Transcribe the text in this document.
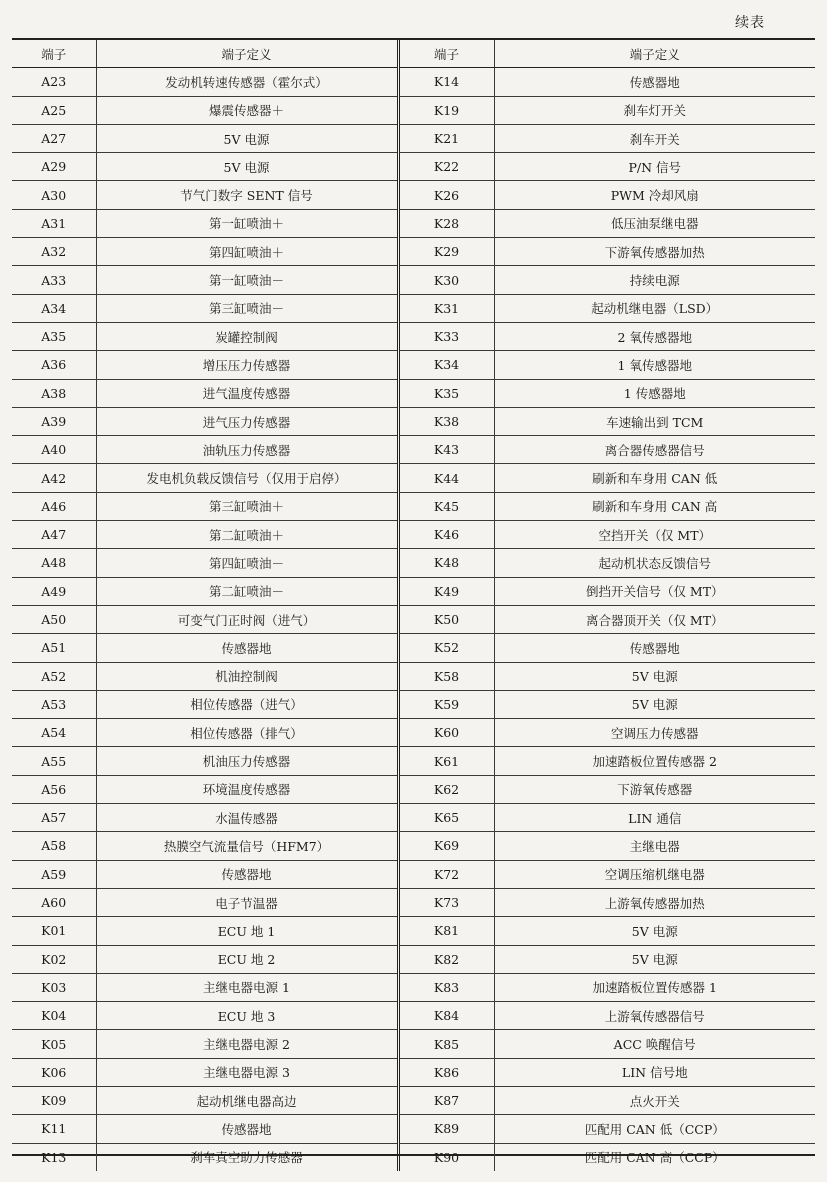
续表
端子	端子定义	端子	端子定义
A23	发动机转速传感器（霍尔式）	K14	传感器地
A25	爆震传感器＋	K19	刹车灯开关
A27	5V 电源	K21	刹车开关
A29	5V 电源	K22	P/N 信号
A30	节气门数字 SENT 信号	K26	PWM 冷却风扇
A31	第一缸喷油＋	K28	低压油泵继电器
A32	第四缸喷油＋	K29	下游氧传感器加热
A33	第一缸喷油－	K30	持续电源
A34	第三缸喷油－	K31	起动机继电器（LSD）
A35	炭罐控制阀	K33	2 氧传感器地
A36	增压压力传感器	K34	1 氧传感器地
A38	进气温度传感器	K35	1 传感器地
A39	进气压力传感器	K38	车速输出到 TCM
A40	油轨压力传感器	K43	离合器传感器信号
A42	发电机负载反馈信号（仅用于启停）	K44	刷新和车身用 CAN 低
A46	第三缸喷油＋	K45	刷新和车身用 CAN 高
A47	第二缸喷油＋	K46	空挡开关（仅 MT）
A48	第四缸喷油－	K48	起动机状态反馈信号
A49	第二缸喷油－	K49	倒挡开关信号（仅 MT）
A50	可变气门正时阀（进气）	K50	离合器顶开关（仅 MT）
A51	传感器地	K52	传感器地
A52	机油控制阀	K58	5V 电源
A53	相位传感器（进气）	K59	5V 电源
A54	相位传感器（排气）	K60	空调压力传感器
A55	机油压力传感器	K61	加速踏板位置传感器 2
A56	环境温度传感器	K62	下游氧传感器
A57	水温传感器	K65	LIN 通信
A58	热膜空气流量信号（HFM7）	K69	主继电器
A59	传感器地	K72	空调压缩机继电器
A60	电子节温器	K73	上游氧传感器加热
K01	ECU 地 1	K81	5V 电源
K02	ECU 地 2	K82	5V 电源
K03	主继电器电源 1	K83	加速踏板位置传感器 1
K04	ECU 地 3	K84	上游氧传感器信号
K05	主继电器电源 2	K85	ACC 唤醒信号
K06	主继电器电源 3	K86	LIN 信号地
K09	起动机继电器高边	K87	点火开关
K11	传感器地	K89	匹配用 CAN 低（CCP）
K13	刹车真空助力传感器	K90	匹配用 CAN 高（CCP）
